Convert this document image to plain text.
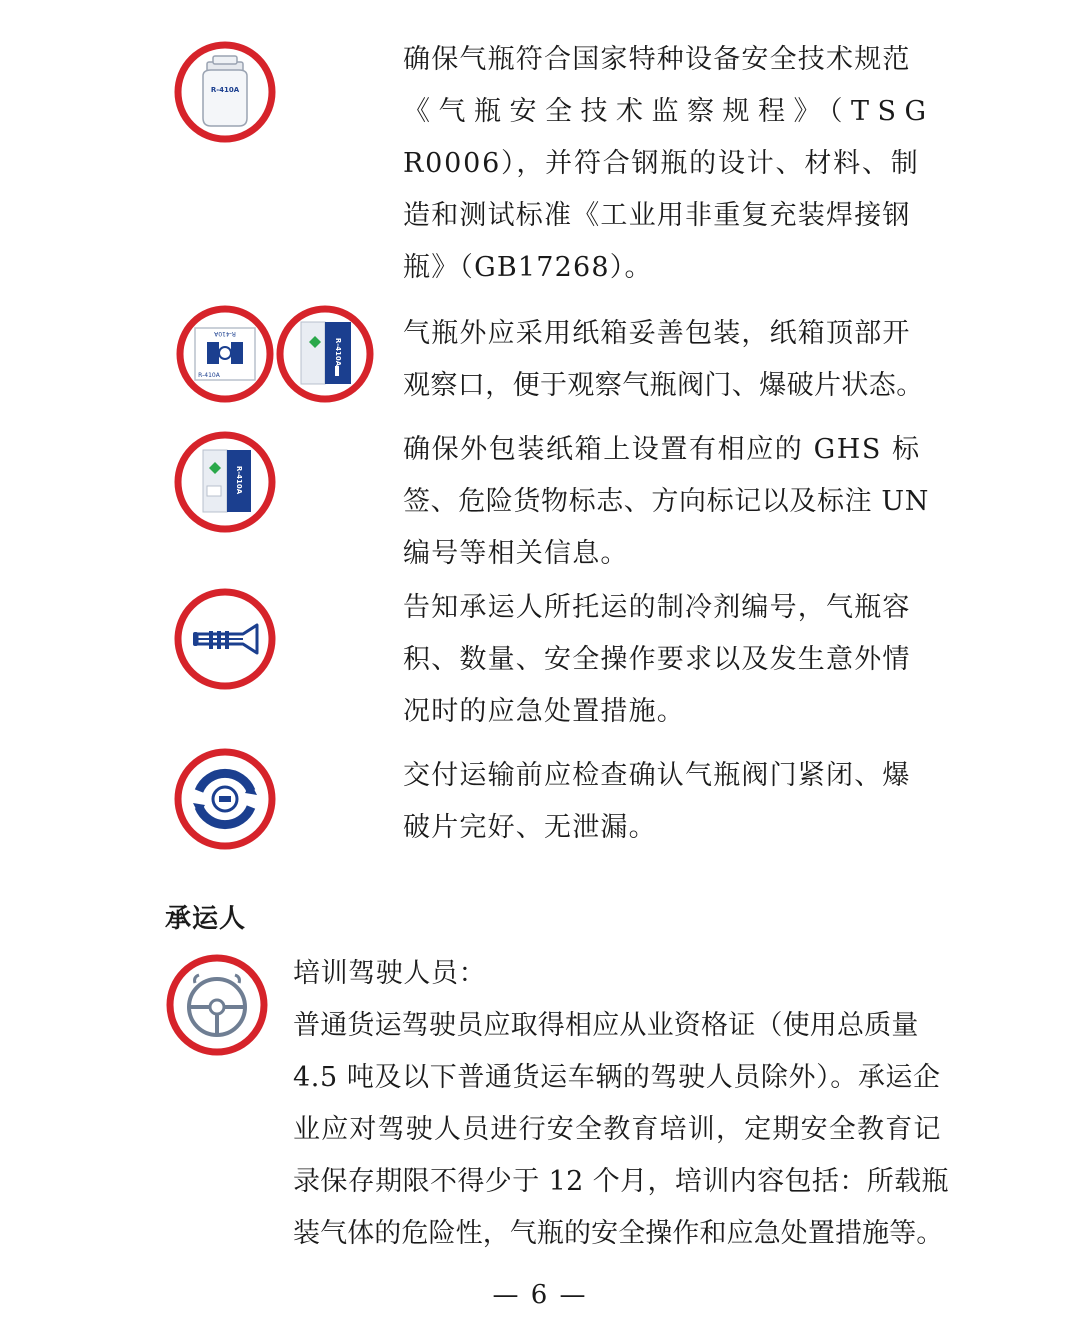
R-410A
确保气瓶符合国家特种设备安全技术规范
《气瓶安全技术监察规程》（TSG
R0006），并符合钢瓶的设计、材料、制
造和测试标准《工业用非重复充装焊接钢
瓶》（GB17268）。
R-410A
R-410A
R-410A
气瓶外应采用纸箱妥善包装，纸箱顶部开
观察口，便于观察气瓶阀门、爆破片状态。
R-410A
确保外包装纸箱上设置有相应的 GHS 标
签、危险货物标志、方向标记以及标注 UN
编号等相关信息。
告知承运人所托运的制冷剂编号，气瓶容
积、数量、安全操作要求以及发生意外情
况时的应急处置措施。
交付运输前应检查确认气瓶阀门紧闭、爆
破片完好、无泄漏。
承运人
培训驾驶人员：
普通货运驾驶员应取得相应从业资格证（使用总质量
4.5 吨及以下普通货运车辆的驾驶人员除外）。承运企
业应对驾驶人员进行安全教育培训，定期安全教育记
录保存期限不得少于 12 个月，培训内容包括：所载瓶
装气体的危险性，气瓶的安全操作和应急处置措施等。
— 6 —
